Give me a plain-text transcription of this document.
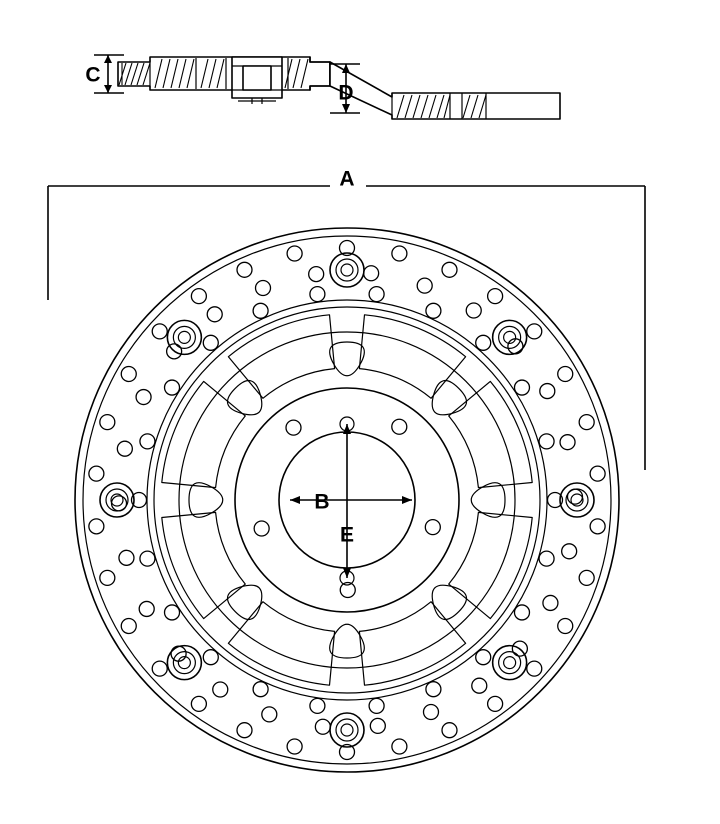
C
D
A
E
B
